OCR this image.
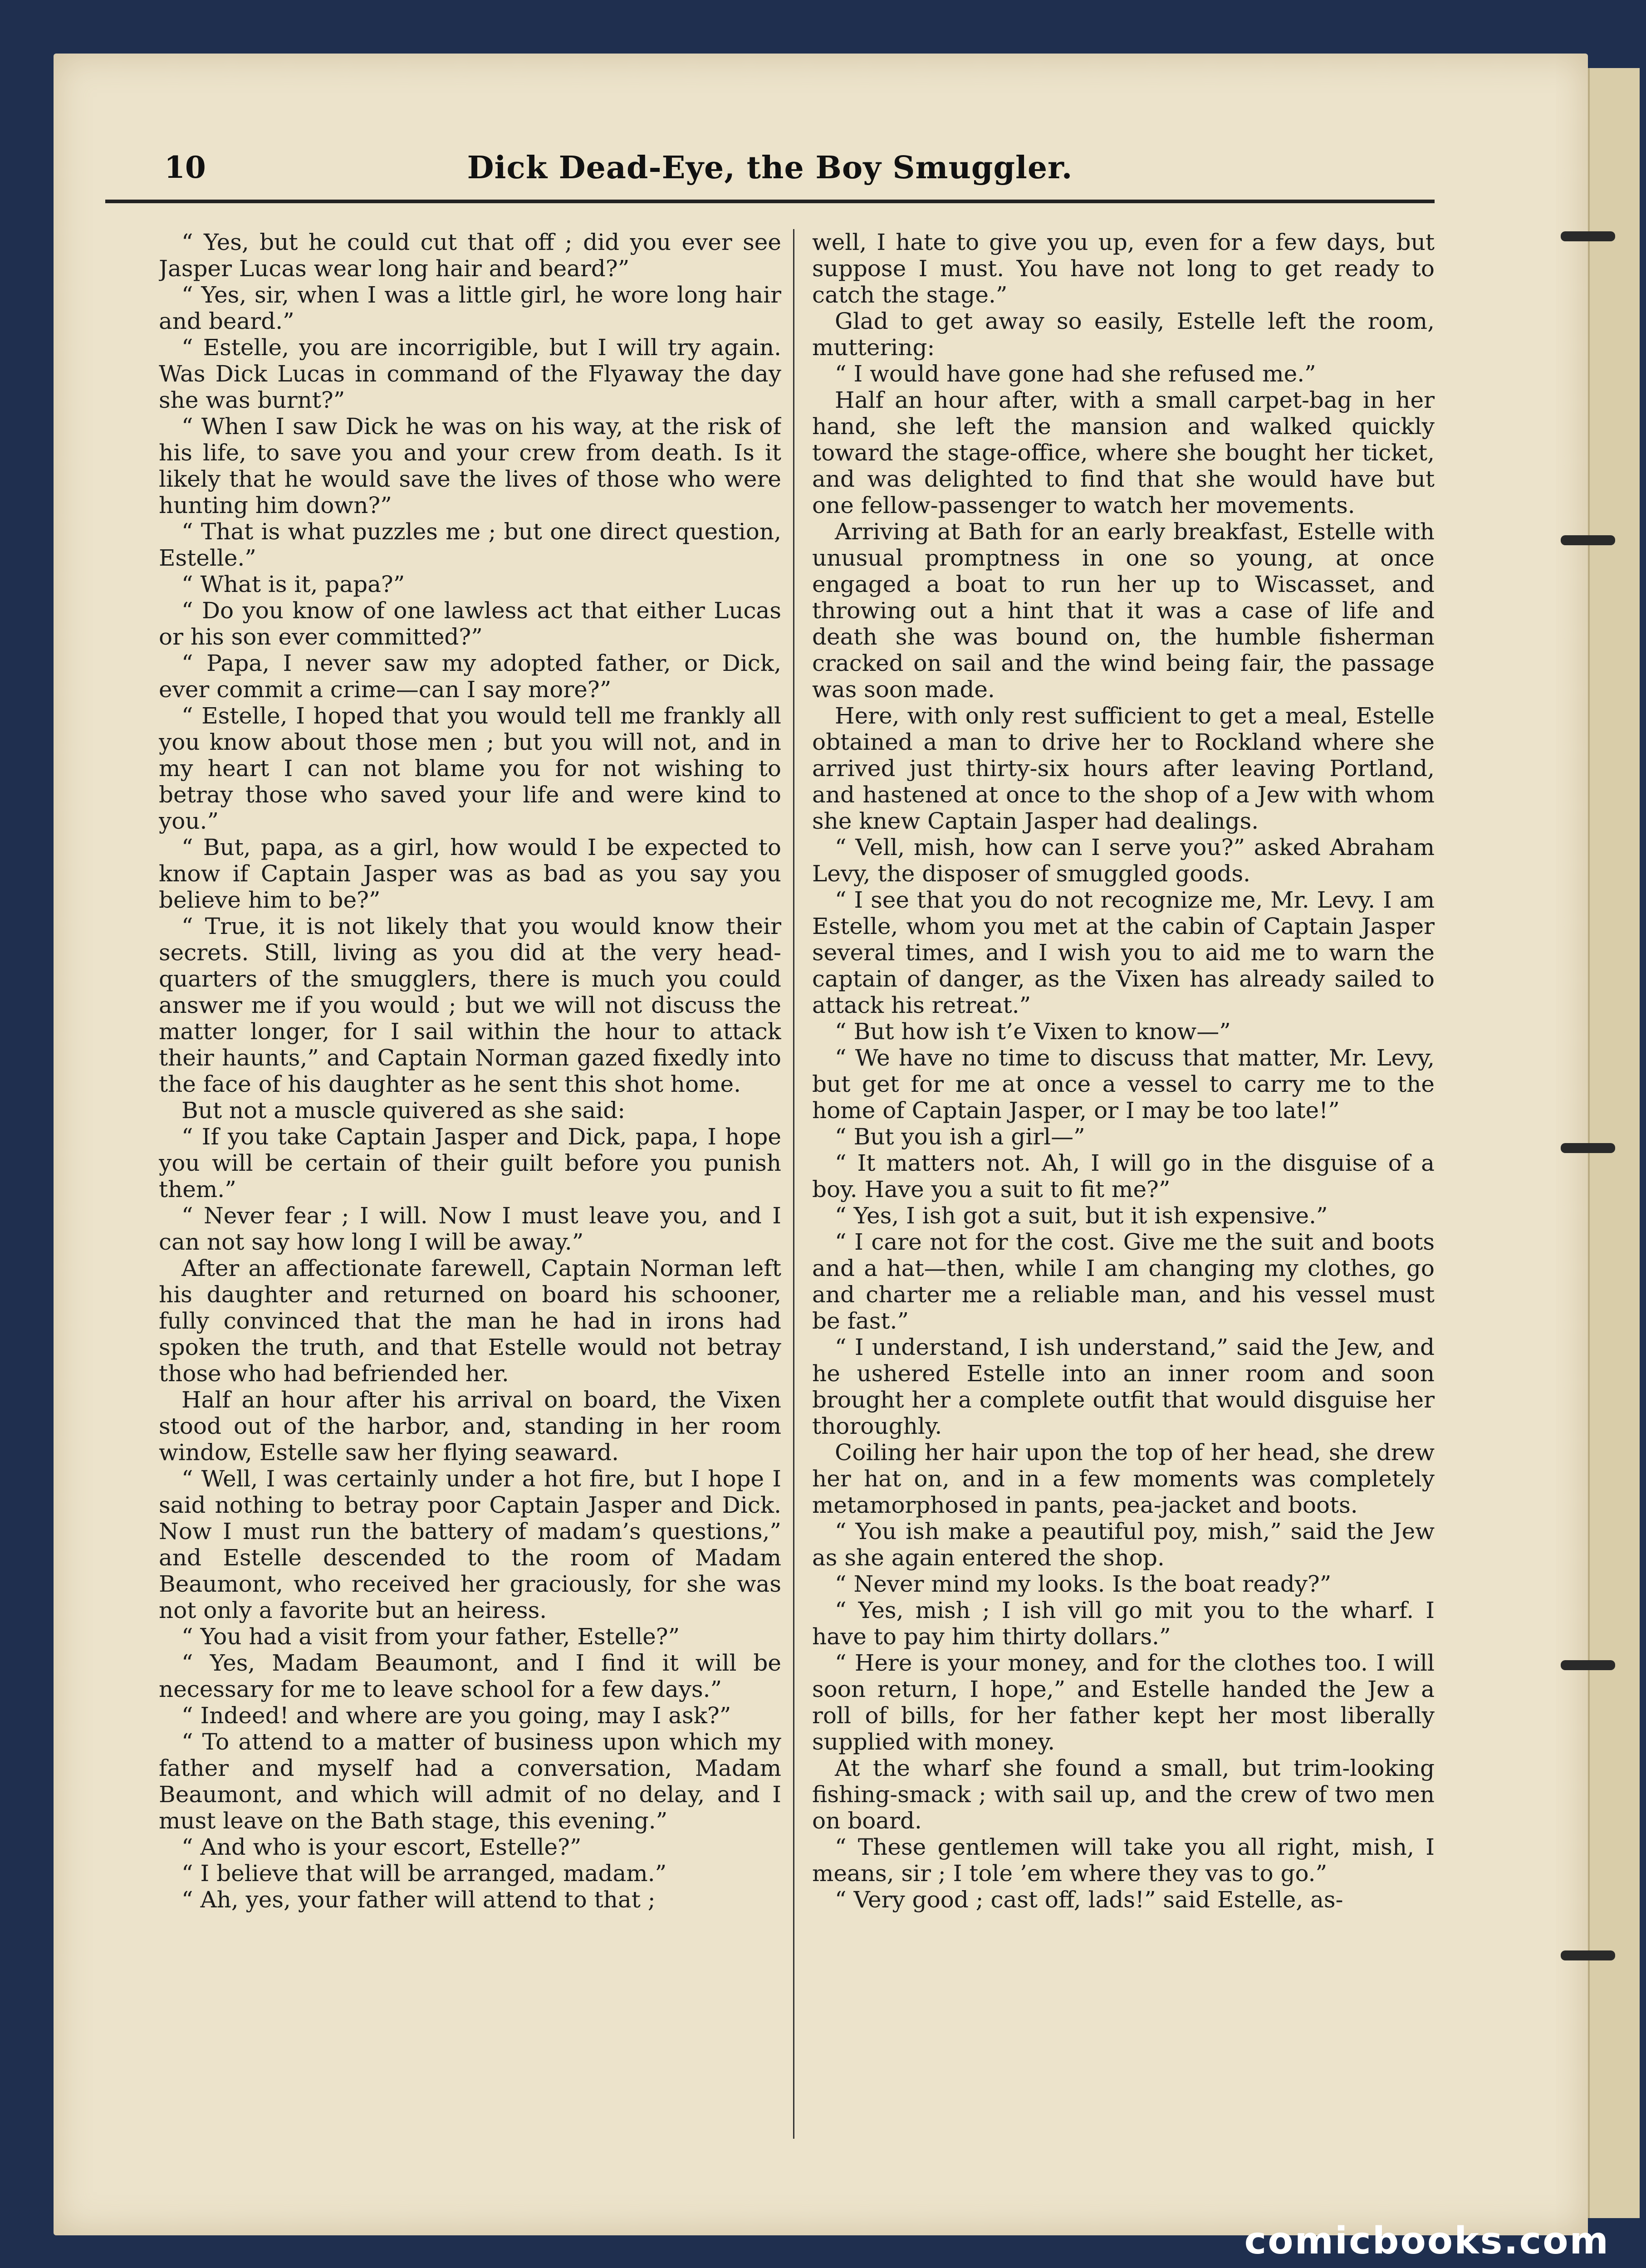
10	Dick Dead-Eye, the Boy Smuggler.

“ Yes, but he could cut that off ; did you ever see Jasper Lucas wear long hair and beard?”

“ Yes, sir, when I was a little girl, he wore long hair and beard.”

“ Estelle, you are incorrigible, but I will try again. Was Dick Lucas in command of the Flyaway the day she was burnt?”

“ When I saw Dick he was on his way, at the risk of his life, to save you and your crew from death. Is it likely that he would save the lives of those who were hunting him down?”

“ That is what puzzles me ; but one direct question, Estelle.”

“ What is it, papa?”

“ Do you know of one lawless act that either Lucas or his son ever committed?”

“ Papa, I never saw my adopted father, or Dick, ever commit a crime—can I say more?”

“ Estelle, I hoped that you would tell me frankly all you know about those men ; but you will not, and in my heart I can not blame you for not wishing to betray those who saved your life and were kind to you.”

“ But, papa, as a girl, how would I be expected to know if Captain Jasper was as bad as you say you believe him to be?”

“ True, it is not likely that you would know their secrets. Still, living as you did at the very head-quarters of the smugglers, there is much you could answer me if you would ; but we will not discuss the matter longer, for I sail within the hour to attack their haunts,” and Captain Norman gazed fixedly into the face of his daughter as he sent this shot home.

But not a muscle quivered as she said:

“ If you take Captain Jasper and Dick, papa, I hope you will be certain of their guilt before you punish them.”

“ Never fear ; I will. Now I must leave you, and I can not say how long I will be away.”

After an affectionate farewell, Captain Norman left his daughter and returned on board his schooner, fully convinced that the man he had in irons had spoken the truth, and that Estelle would not betray those who had befriended her.

Half an hour after his arrival on board, the Vixen stood out of the harbor, and, standing in her room window, Estelle saw her flying seaward.

“ Well, I was certainly under a hot fire, but I hope I said nothing to betray poor Captain Jasper and Dick. Now I must run the battery of madam’s questions,” and Estelle descended to the room of Madam Beaumont, who received her graciously, for she was not only a favorite but an heiress.

“ You had a visit from your father, Estelle?”

“ Yes, Madam Beaumont, and I find it will be necessary for me to leave school for a few days.”

“ Indeed! and where are you going, may I ask?”

“ To attend to a matter of business upon which my father and myself had a conversation, Madam Beaumont, and which will admit of no delay, and I must leave on the Bath stage, this evening.”

“ And who is your escort, Estelle?”

“ I believe that will be arranged, madam.”

“ Ah, yes, your father will attend to that ;

well, I hate to give you up, even for a few days, but suppose I must. You have not long to get ready to catch the stage.”

Glad to get away so easily, Estelle left the room, muttering:

“ I would have gone had she refused me.”

Half an hour after, with a small carpet-bag in her hand, she left the mansion and walked quickly toward the stage-office, where she bought her ticket, and was delighted to find that she would have but one fellow-passenger to watch her movements.

Arriving at Bath for an early breakfast, Estelle with unusual promptness in one so young, at once engaged a boat to run her up to Wiscasset, and throwing out a hint that it was a case of life and death she was bound on, the humble fisherman cracked on sail and the wind being fair, the passage was soon made.

Here, with only rest sufficient to get a meal, Estelle obtained a man to drive her to Rockland where she arrived just thirty-six hours after leaving Portland, and hastened at once to the shop of a Jew with whom she knew Captain Jasper had dealings.

“ Vell, mish, how can I serve you?” asked Abraham Levy, the disposer of smuggled goods.

“ I see that you do not recognize me, Mr. Levy. I am Estelle, whom you met at the cabin of Captain Jasper several times, and I wish you to aid me to warn the captain of danger, as the Vixen has already sailed to attack his retreat.”

“ But how ish t’e Vixen to know—”

“ We have no time to discuss that matter, Mr. Levy, but get for me at once a vessel to carry me to the home of Captain Jasper, or I may be too late!”

“ But you ish a girl—”

“ It matters not. Ah, I will go in the disguise of a boy. Have you a suit to fit me?”

“ Yes, I ish got a suit, but it ish expensive.”

“ I care not for the cost. Give me the suit and boots and a hat—then, while I am changing my clothes, go and charter me a reliable man, and his vessel must be fast.”

“ I understand, I ish understand,” said the Jew, and he ushered Estelle into an inner room and soon brought her a complete outfit that would disguise her thoroughly.

Coiling her hair upon the top of her head, she drew her hat on, and in a few moments was completely metamorphosed in pants, pea-jacket and boots.

“ You ish make a peautiful poy, mish,” said the Jew as she again entered the shop.

“ Never mind my looks. Is the boat ready?”

“ Yes, mish ; I ish vill go mit you to the wharf. I have to pay him thirty dollars.”

“ Here is your money, and for the clothes too. I will soon return, I hope,” and Estelle handed the Jew a roll of bills, for her father kept her most liberally supplied with money.

At the wharf she found a small, but trim-looking fishing-smack ; with sail up, and the crew of two men on board.

“ These gentlemen will take you all right, mish, I means, sir ; I tole ’em where they vas to go.”

“ Very good ; cast off, lads!” said Estelle, as-

comicbooks.com
